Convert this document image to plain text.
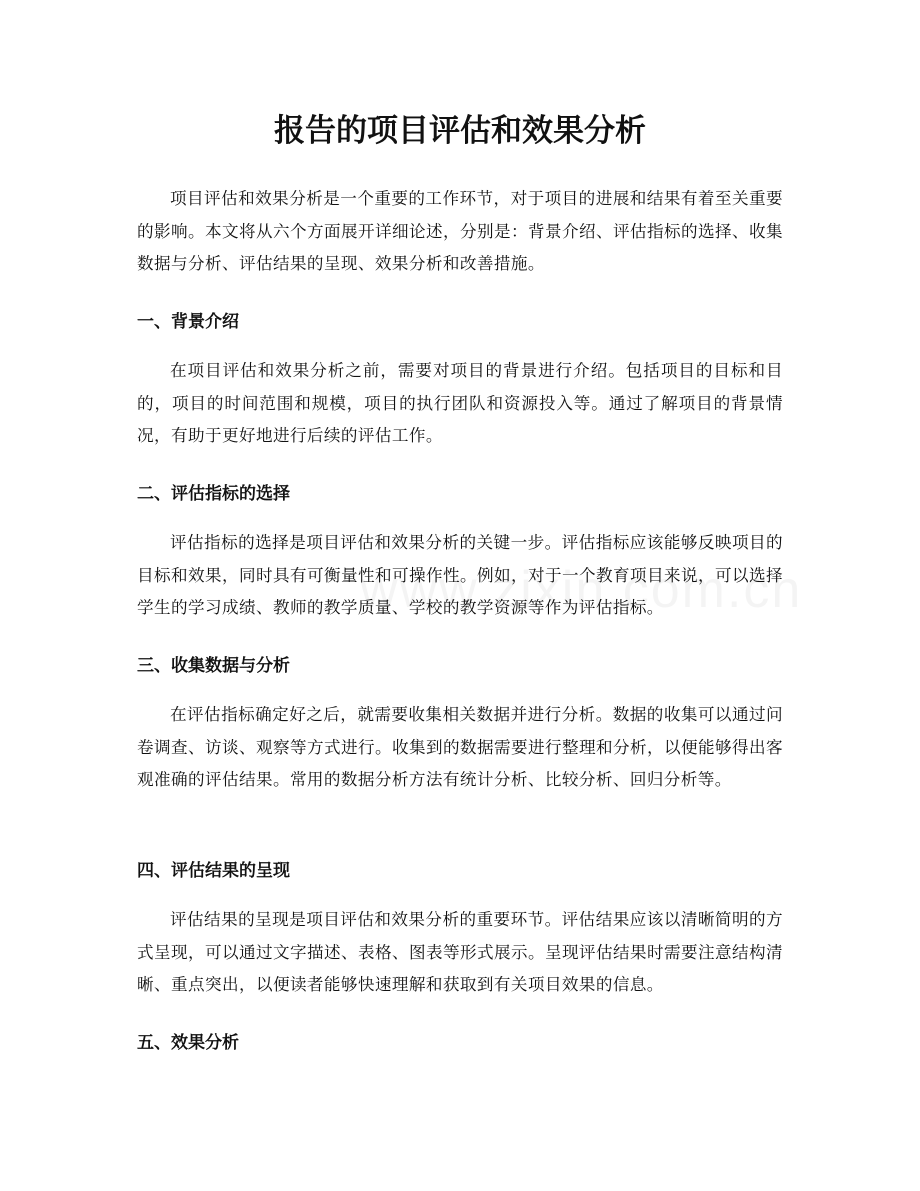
报告的项目评估和效果分析

项目评估和效果分析是一个重要的工作环节，对于项目的进展和结果有着至关重要的影响。本文将从六个方面展开详细论述，分别是：背景介绍、评估指标的选择、收集数据与分析、评估结果的呈现、效果分析和改善措施。

一、背景介绍

在项目评估和效果分析之前，需要对项目的背景进行介绍。包括项目的目标和目的，项目的时间范围和规模，项目的执行团队和资源投入等。通过了解项目的背景情况，有助于更好地进行后续的评估工作。

二、评估指标的选择

评估指标的选择是项目评估和效果分析的关键一步。评估指标应该能够反映项目的目标和效果，同时具有可衡量性和可操作性。例如，对于一个教育项目来说，可以选择学生的学习成绩、教师的教学质量、学校的教学资源等作为评估指标。

三、收集数据与分析

在评估指标确定好之后，就需要收集相关数据并进行分析。数据的收集可以通过问卷调查、访谈、观察等方式进行。收集到的数据需要进行整理和分析，以便能够得出客观准确的评估结果。常用的数据分析方法有统计分析、比较分析、回归分析等。

四、评估结果的呈现

评估结果的呈现是项目评估和效果分析的重要环节。评估结果应该以清晰简明的方式呈现，可以通过文字描述、表格、图表等形式展示。呈现评估结果时需要注意结构清晰、重点突出，以便读者能够快速理解和获取到有关项目效果的信息。

五、效果分析
